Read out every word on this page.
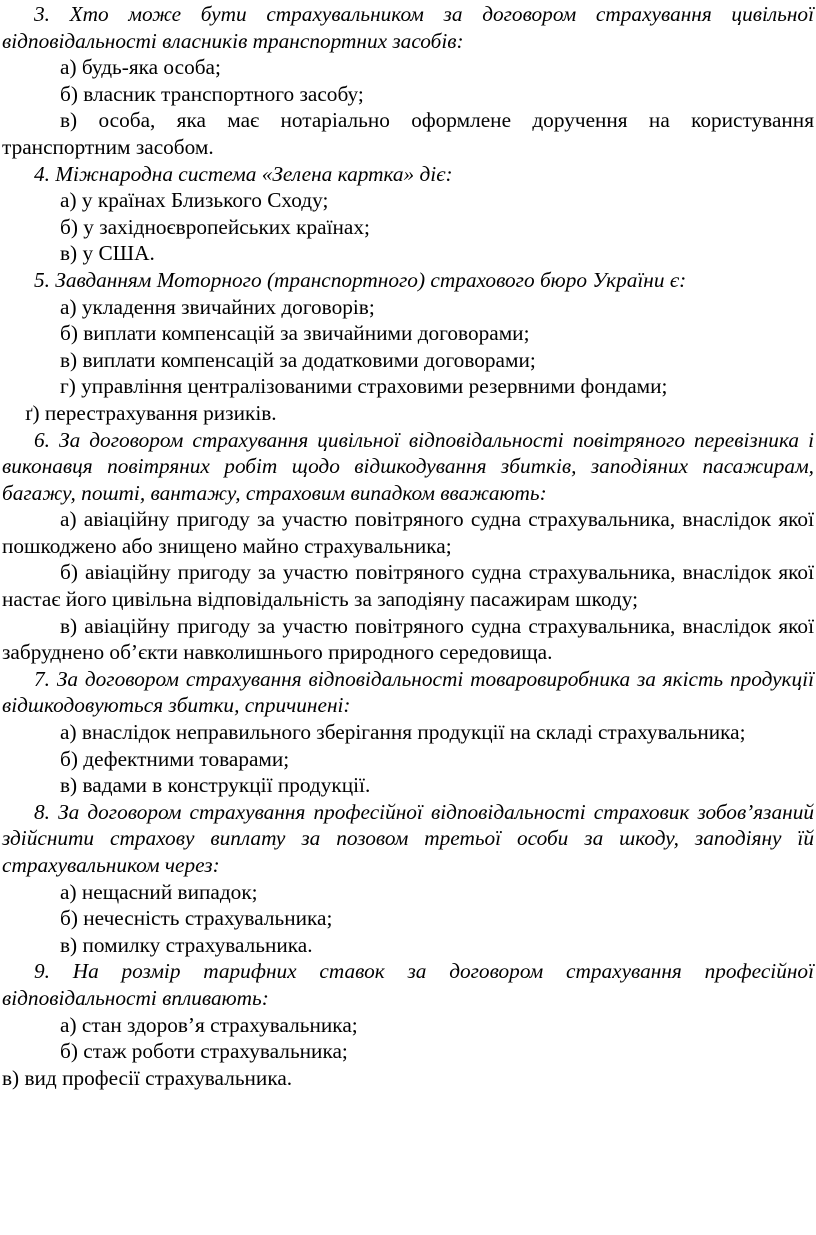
3. Хто може бути страхувальником за договором страхування цивільної відповідальності власників транспортних засобів:

а) будь-яка особа;

б) власник транспортного засобу;

в) особа, яка має нотаріально оформлене доручення на користування транспортним засобом.

4. Міжнародна система «Зелена картка» діє:

а) у країнах Близького Сходу;

б) у західноєвропейських країнах;

в) у США.

5. Завданням Моторного (транспортного) страхового бюро України є:

а) укладення звичайних договорів;

б) виплати компенсацій за звичайними договорами;

в) виплати компенсацій за додатковими договорами;

г) управління централізованими страховими резервними фондами;

ґ) перестрахування ризиків.

6. За договором страхування цивільної відповідальності повітряного перевізника і виконавця повітряних робіт щодо відшкодування збитків, заподіяних пасажирам, багажу, пошті, вантажу, страховим випадком вважають:

а) авіаційну пригоду за участю повітряного судна страхувальника, внаслідок якої пошкоджено або знищено майно страхувальника;

б) авіаційну пригоду за участю повітряного судна страхувальника, внаслідок якої настає його цивільна відповідальність за заподіяну пасажирам шкоду;

в) авіаційну пригоду за участю повітряного судна страхувальника, внаслідок якої забруднено об’єкти навколишнього природного середовища.

7. За договором страхування відповідальності товаровиробника за якість продукції відшкодовуються збитки, спричинені:

а) внаслідок неправильного зберігання продукції на складі страхувальника;

б) дефектними товарами;

в) вадами в конструкції продукції.

8. За договором страхування професійної відповідальності страховик зобов’язаний здійснити страхову виплату за позовом третьої особи за шкоду, заподіяну їй страхувальником через:

а) нещасний випадок;

б) нечесність страхувальника;

в) помилку страхувальника.

9. На розмір тарифних ставок за договором страхування професійної відповідальності впливають:

а) стан здоров’я страхувальника;

б) стаж роботи страхувальника;

в) вид професії страхувальника.
